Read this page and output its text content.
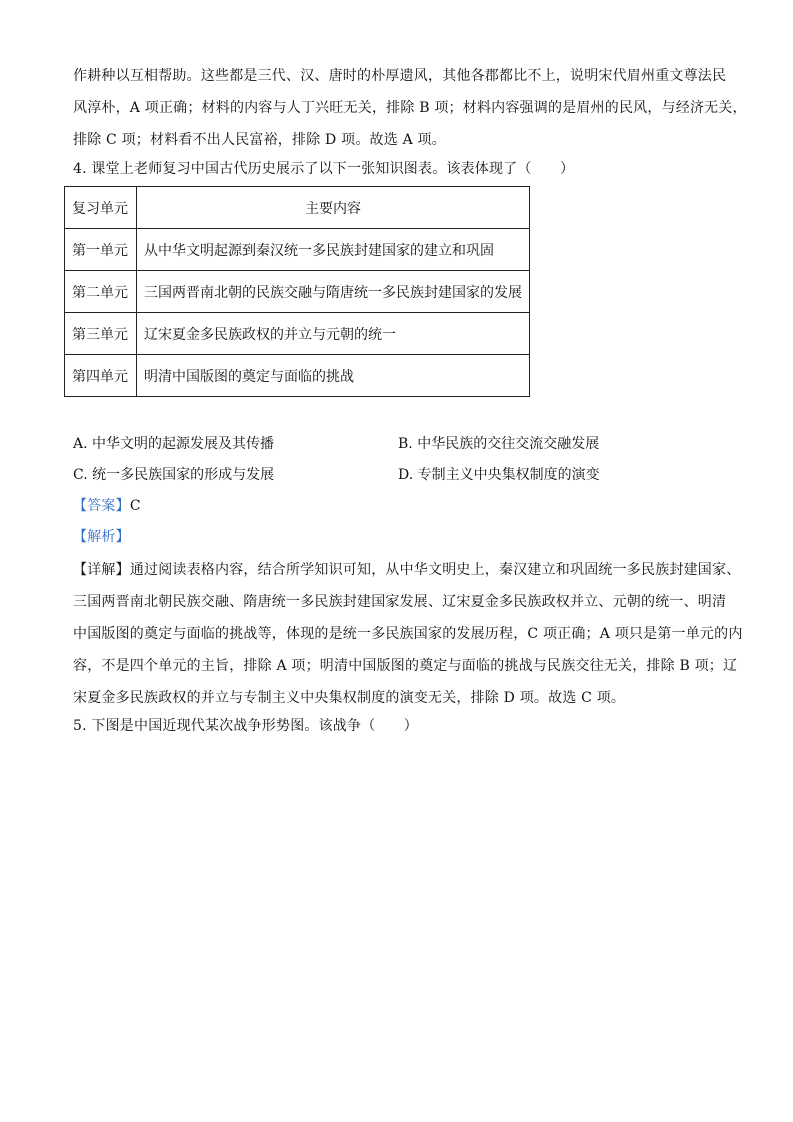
作耕种以互相帮助。这些都是三代、汉、唐时的朴厚遗风，其他各郡都比不上，说明宋代眉州重文尊法民
风淳朴，A 项正确；材料的内容与人丁兴旺无关，排除 B 项；材料内容强调的是眉州的民风，与经济无关，
排除 C 项；材料看不出人民富裕，排除 D 项。故选 A 项。
4. 课堂上老师复习中国古代历史展示了以下一张知识图表。该表体现了（　　）
复习单元	主要内容
第一单元	从中华文明起源到秦汉统一多民族封建国家的建立和巩固
第二单元	三国两晋南北朝的民族交融与隋唐统一多民族封建国家的发展
第三单元	辽宋夏金多民族政权的并立与元朝的统一
第四单元	明清中国版图的奠定与面临的挑战
A. 中华文明的起源发展及其传播	B. 中华民族的交往交流交融发展
C. 统一多民族国家的形成与发展	D. 专制主义中央集权制度的演变
【答案】C
【解析】
【详解】通过阅读表格内容，结合所学知识可知，从中华文明史上，秦汉建立和巩固统一多民族封建国家、
三国两晋南北朝民族交融、隋唐统一多民族封建国家发展、辽宋夏金多民族政权并立、元朝的统一、明清
中国版图的奠定与面临的挑战等，体现的是统一多民族国家的发展历程，C 项正确；A 项只是第一单元的内
容，不是四个单元的主旨，排除 A 项；明清中国版图的奠定与面临的挑战与民族交往无关，排除 B 项；辽
宋夏金多民族政权的并立与专制主义中央集权制度的演变无关，排除 D 项。故选 C 项。
5. 下图是中国近现代某次战争形势图。该战争（　　）
